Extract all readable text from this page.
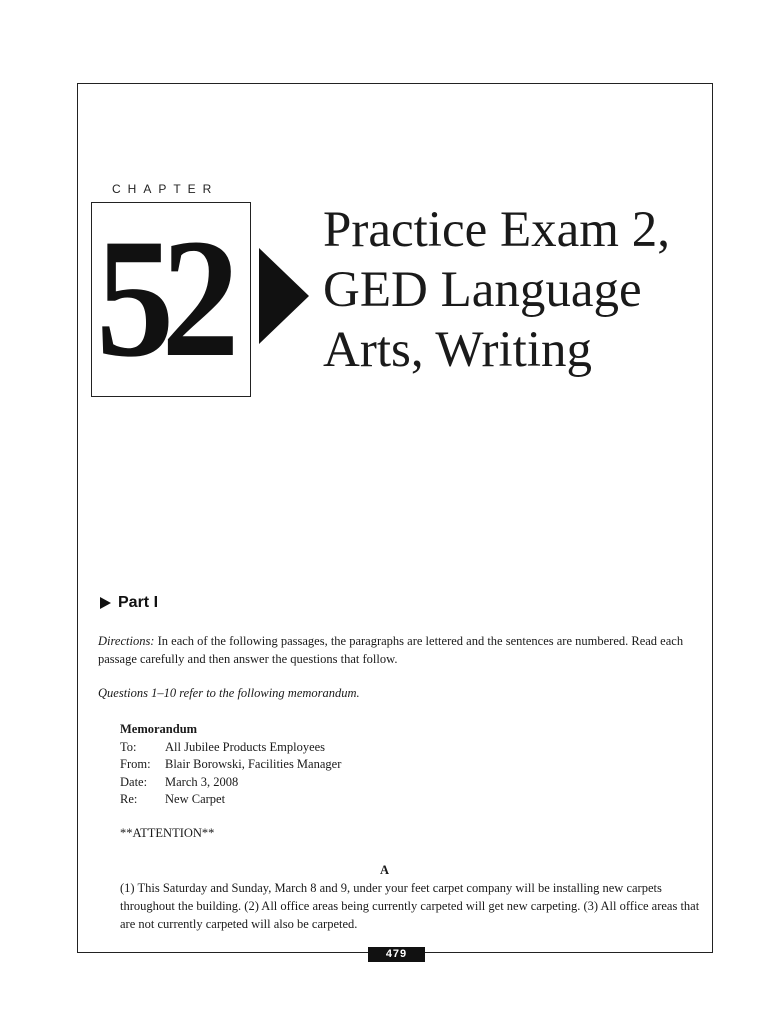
CHAPTER
52 Practice Exam 2,
GED Language
Arts, Writing
Part I

Directions: In each of the following passages, the paragraphs are lettered and the sentences are numbered. Read each passage carefully and then answer the questions that follow.

Questions 1–10 refer to the following memorandum.

Memorandum
To:	All Jubilee Products Employees
From:	Blair Borowski, Facilities Manager
Date:	March 3, 2008
Re:	New Carpet
**ATTENTION**
A

(1) This Saturday and Sunday, March 8 and 9, under your feet carpet company will be installing new carpets throughout the building. (2) All office areas being currently carpeted will get new carpeting. (3) All office areas that are not currently carpeted will also be carpeted.

479
